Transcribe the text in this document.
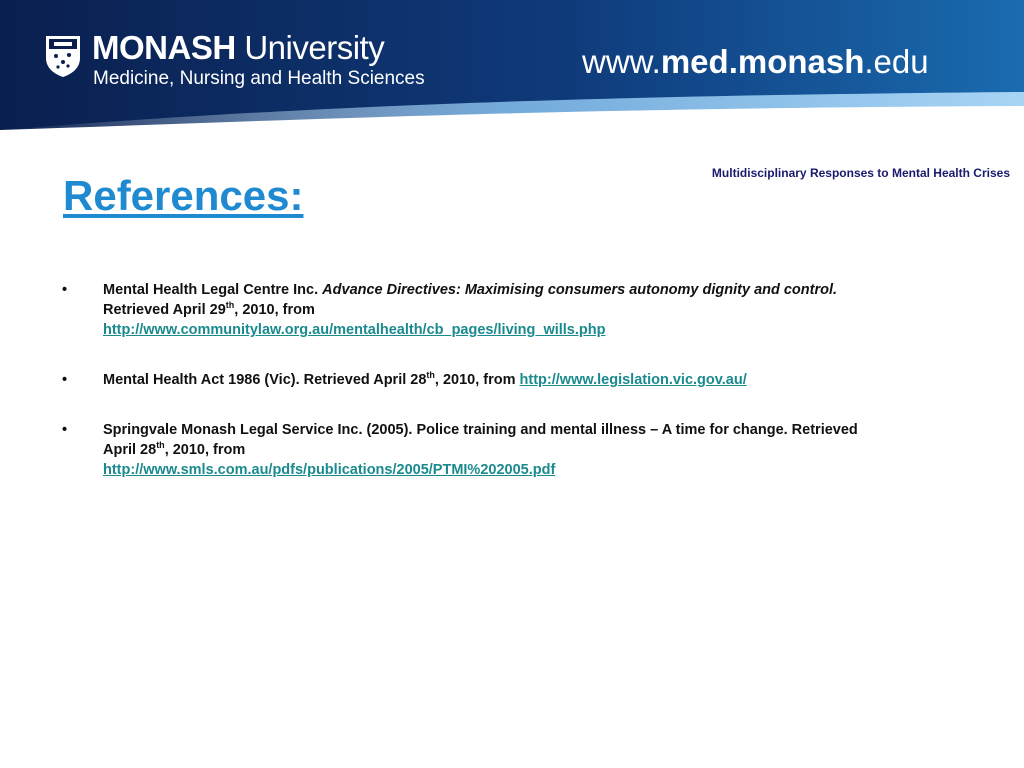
MONASH University
Medicine, Nursing and Health Sciences	www.med.monash.edu
Multidisciplinary Responses to Mental Health Crises
References:
• Mental Health Legal Centre Inc. Advance Directives: Maximising consumers autonomy dignity and control. Retrieved April 29th, 2010, from
http://www.communitylaw.org.au/mentalhealth/cb_pages/living_wills.php
• Mental Health Act 1986 (Vic). Retrieved April 28th, 2010, from http://www.legislation.vic.gov.au/
• Springvale Monash Legal Service Inc. (2005). Police training and mental illness – A time for change. Retrieved April 28th, 2010, from
http://www.smls.com.au/pdfs/publications/2005/PTMI%202005.pdf
